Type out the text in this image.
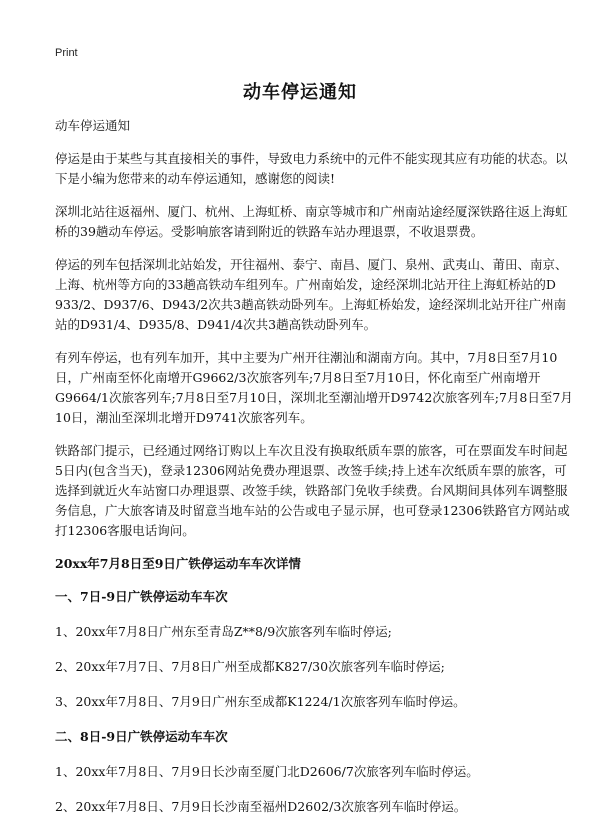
Print
动车停运通知

动车停运通知

停运是由于某些与其直接相关的事件，导致电力系统中的元件不能实现其应有功能的状态。以下是小编为您带来的动车停运通知，感谢您的阅读!

深圳北站往返福州、厦门、杭州、上海虹桥、南京等城市和广州南站途经厦深铁路往返上海虹桥的39趟动车停运。受影响旅客请到附近的铁路车站办理退票，不收退票费。

停运的列车包括深圳北站始发，开往福州、泰宁、南昌、厦门、泉州、武夷山、莆田、南京、上海、杭州等方向的33趟高铁动车组列车。广州南始发，途经深圳北站开往上海虹桥站的D 933/2、D937/6、D943/2次共3趟高铁动卧列车。上海虹桥始发，途经深圳北站开往广州南站的D931/4、D935/8、D941/4次共3趟高铁动卧列车。

有列车停运，也有列车加开，其中主要为广州开往潮汕和湖南方向。其中，7月8日至7月10日，广州南至怀化南增开G9662/3次旅客列车;7月8日至7月10日，怀化南至广州南增开G9664/1次旅客列车;7月8日至7月10日，深圳北至潮汕增开D9742次旅客列车;7月8日至7月10日，潮汕至深圳北增开D9741次旅客列车。

铁路部门提示，已经通过网络订购以上车次且没有换取纸质车票的旅客，可在票面发车时间起5日内(包含当天)，登录12306网站免费办理退票、改签手续;持上述车次纸质车票的旅客，可选择到就近火车站窗口办理退票、改签手续，铁路部门免收手续费。台风期间具体列车调整服务信息，广大旅客请及时留意当地车站的公告或电子显示屏，也可登录12306铁路官方网站或打12306客服电话询问。

20xx年7月8日至9日广铁停运动车车次详情

一、7日-9日广铁停运动车车次

1、20xx年7月8日广州东至青岛Z**8/9次旅客列车临时停运;

2、20xx年7月7日、7月8日广州至成都K827/30次旅客列车临时停运;

3、20xx年7月8日、7月9日广州东至成都K1224/1次旅客列车临时停运。

二、8日-9日广铁停运动车车次

1、20xx年7月8日、7月9日长沙南至厦门北D2606/7次旅客列车临时停运。

2、20xx年7月8日、7月9日长沙南至福州D2602/3次旅客列车临时停运。
